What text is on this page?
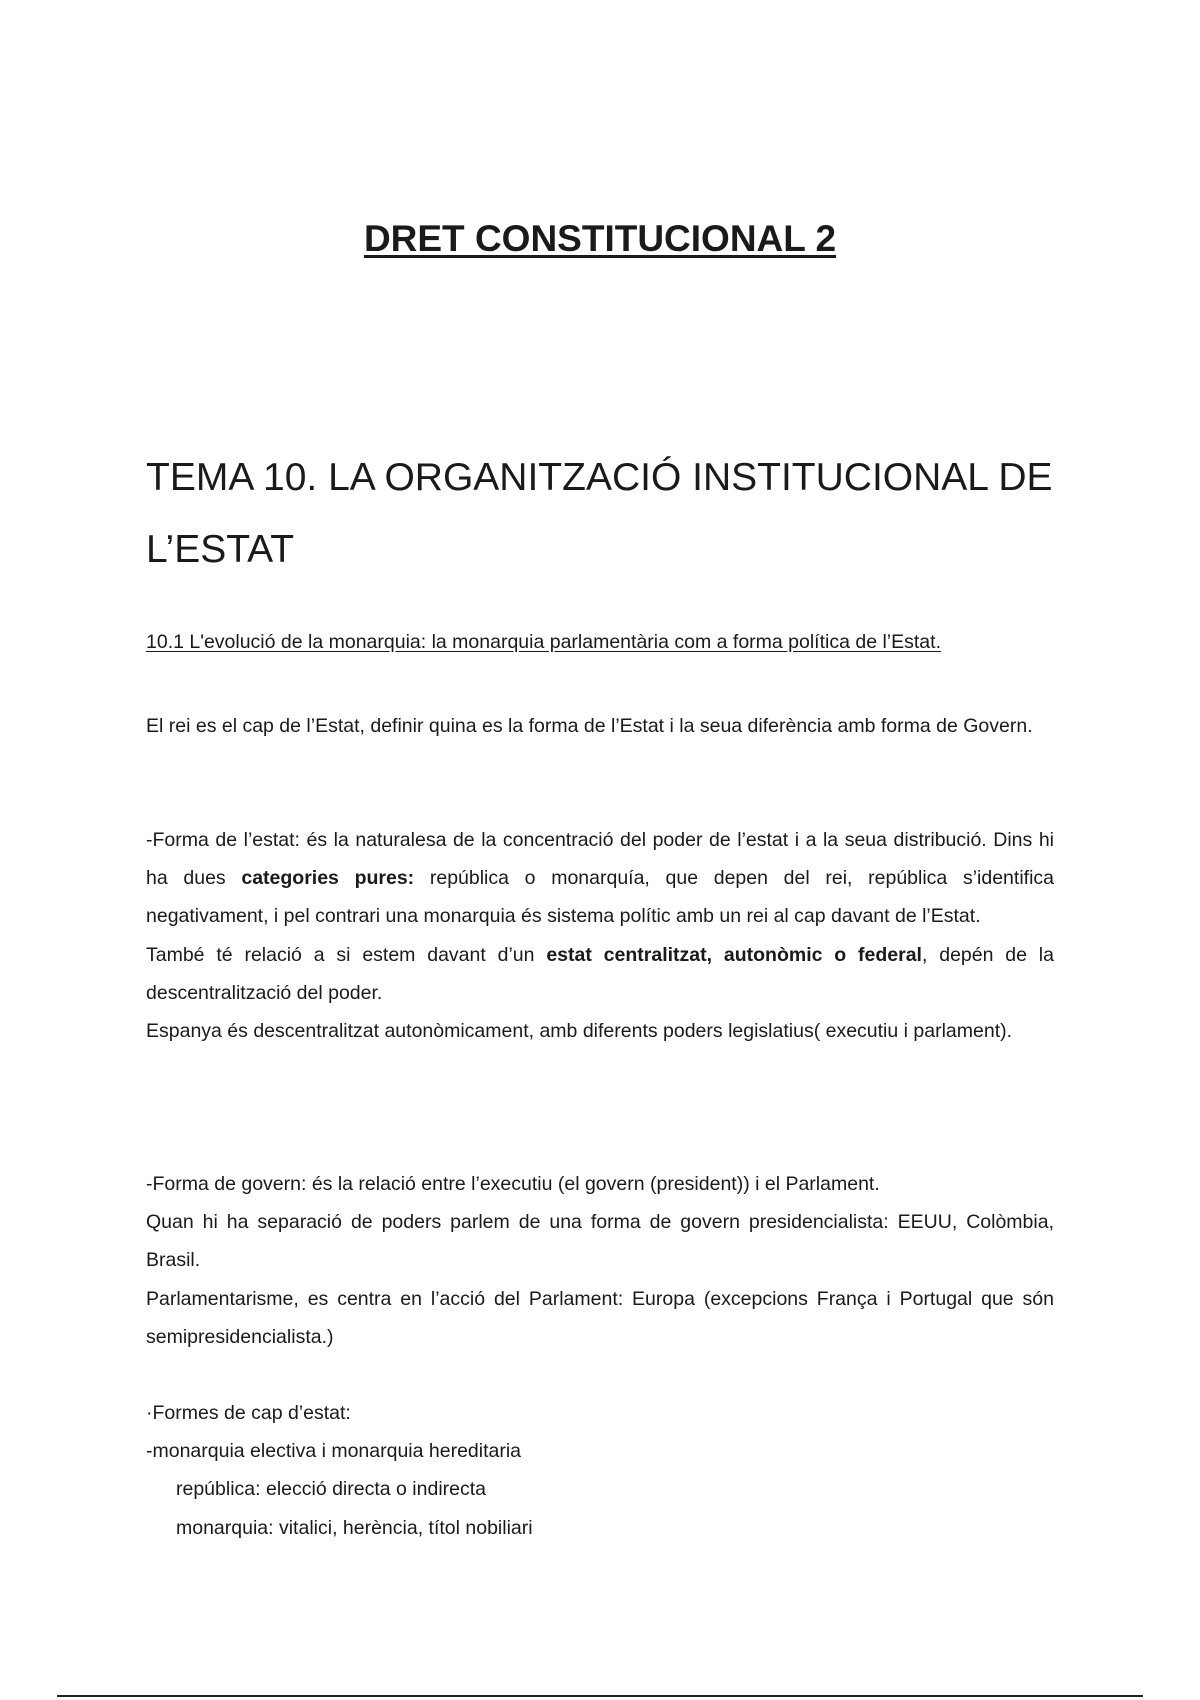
DRET CONSTITUCIONAL 2
TEMA 10. LA ORGANITZACIÓ INSTITUCIONAL DE L’ESTAT

10.1 L'evolució de la monarquia: la monarquia parlamentària com a forma política de l’Estat.

El rei es el cap de l’Estat, definir quina es la forma de l’Estat i la seua diferència amb forma de Govern.

-Forma de l’estat: és la naturalesa de la concentració del poder de l’estat i a la seua distribució. Dins hi ha dues categories pures: república o monarquía, que depen del rei, república s’identifica negativament, i pel contrari una monarquia és sistema polític amb un rei al cap davant de l’Estat.

També té relació a si estem davant d’un estat centralitzat, autonòmic o federal, depén de la descentralització del poder.

Espanya és descentralitzat autonòmicament, amb diferents poders legislatius( executiu i parlament).

-Forma de govern: és la relació entre l’executiu (el govern (president)) i el Parlament.

Quan hi ha separació de poders parlem de una forma de govern presidencialista: EEUU, Colòmbia, Brasil.

Parlamentarisme, es centra en l’acció del Parlament: Europa (excepcions França i Portugal que són semipresidencialista.)

·Formes de cap d’estat:
-monarquia electiva i monarquia hereditaria
república: elecció directa o indirecta
monarquia: vitalici, herència, títol nobiliari
